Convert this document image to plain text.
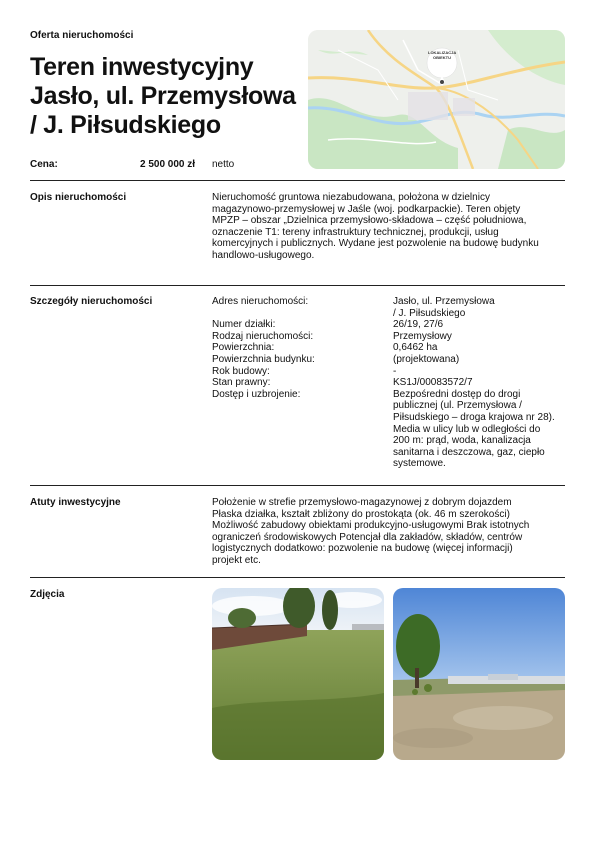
Oferta nieruchomości
Teren inwestycyjny
Jasło, ul. Przemysłowa
/ J. Piłsudskiego
LOKALIZACJA
OBIEKTU
Cena:	2 500 000 zł netto
Opis nieruchomości	Nieruchomość gruntowa niezabudowana, położona w dzielnicy
magazynowo-przemysłowej w Jaśle (woj. podkarpackie). Teren objęty
MPZP – obszar „Dzielnica przemysłowo-składowa – część południowa,
oznaczenie T1: tereny infrastruktury technicznej, produkcji, usług
komercyjnych i publicznych. Wydane jest pozwolenie na budowę budynku
handlowo-usługowego.
Szczegóły nieruchomości	Adres nieruchomości:	Jasło, ul. Przemysłowa
/ J. Piłsudskiego
Numer działki:	26/19, 27/6
Rodzaj nieruchomości:	Przemysłowy
Powierzchnia:	0,6462 ha
Powierzchnia budynku:	(projektowana)
Rok budowy:	-
Stan prawny:	KS1J/00083572/7
Dostęp i uzbrojenie:	Bezpośredni dostęp do drogi
publicznej (ul. Przemysłowa /
Piłsudskiego – droga krajowa nr 28).
Media w ulicy lub w odległości do
200 m: prąd, woda, kanalizacja
sanitarna i deszczowa, gaz, ciepło
systemowe.
Atuty inwestycyjne	Położenie w strefie przemysłowo-magazynowej z dobrym dojazdem
Płaska działka, kształt zbliżony do prostokąta (ok. 46 m szerokości)
Możliwość zabudowy obiektami produkcyjno-usługowymi Brak istotnych
ograniczeń środowiskowych Potencjał dla zakładów, składów, centrów
logistycznych dodatkowo: pozwolenie na budowę (więcej informacji)
projekt etc.
Zdjęcia
